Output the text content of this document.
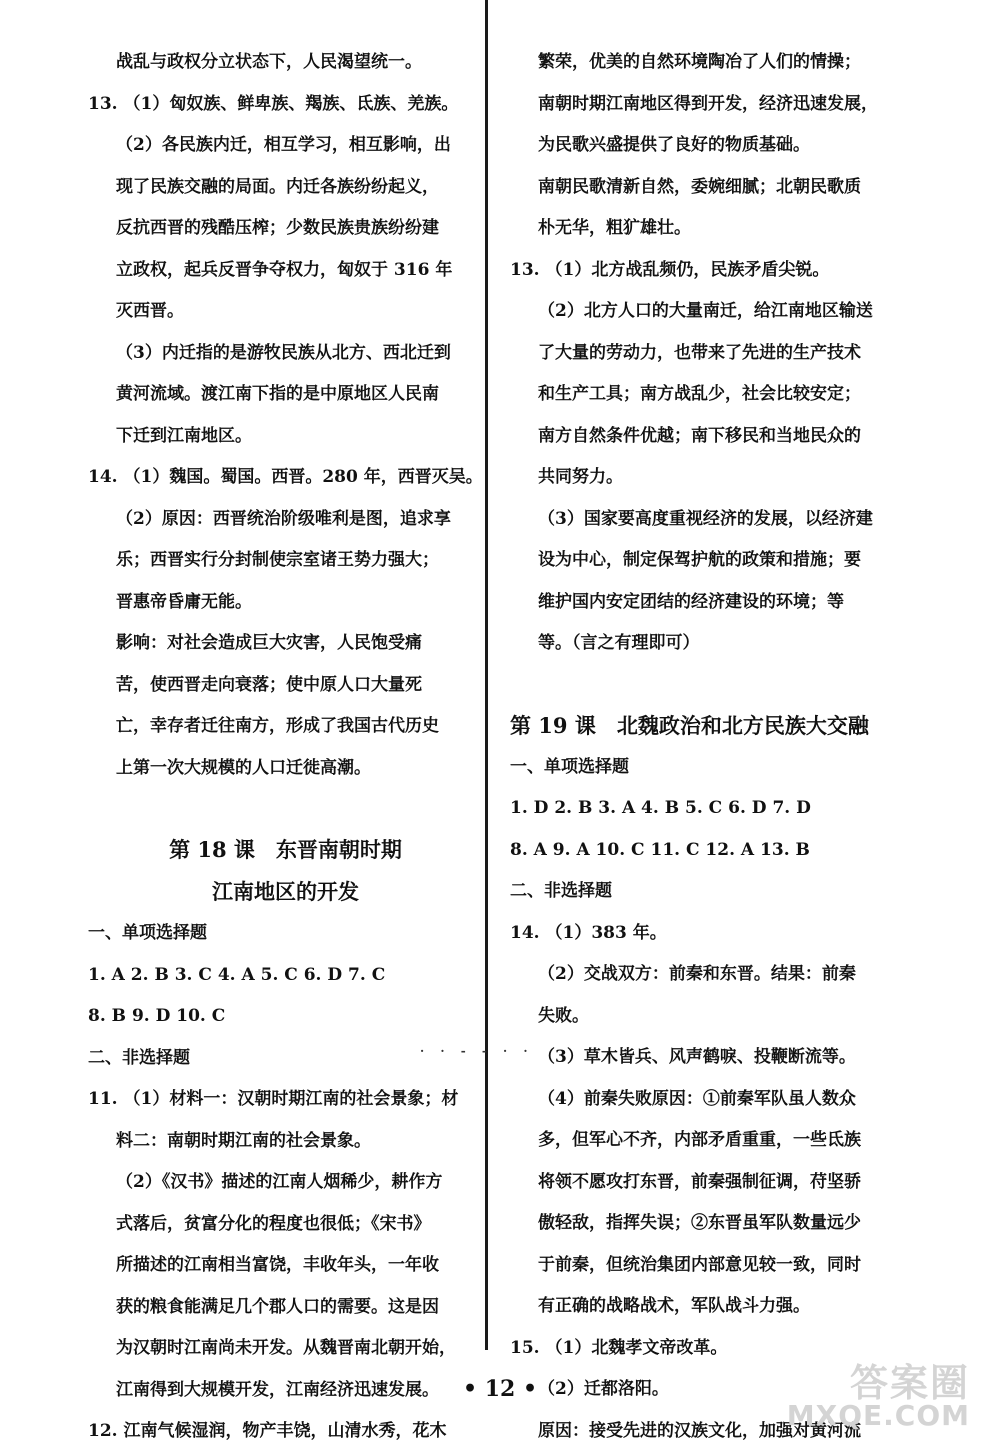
战乱与政权分立状态下，人民渴望统一。

13. （1）匈奴族、鲜卑族、羯族、氐族、羌族。

（2）各民族内迁，相互学习，相互影响，出

现了民族交融的局面。内迁各族纷纷起义，

反抗西晋的残酷压榨；少数民族贵族纷纷建

立政权，起兵反晋争夺权力，匈奴于 316 年

灭西晋。

（3）内迁指的是游牧民族从北方、西北迁到

黄河流域。渡江南下指的是中原地区人民南

下迁到江南地区。

14. （1）魏国。蜀国。西晋。280 年，西晋灭吴。

（2）原因：西晋统治阶级唯利是图，追求享

乐；西晋实行分封制使宗室诸王势力强大；

晋惠帝昏庸无能。

影响：对社会造成巨大灾害，人民饱受痛

苦，使西晋走向衰落；使中原人口大量死

亡，幸存者迁往南方，形成了我国古代历史

上第一次大规模的人口迁徙高潮。

第 18 课　东晋南朝时期

江南地区的开发

一、单项选择题

1. A 2. B 3. C 4. A 5. C 6. D 7. C

8. B 9. D 10. C

二、非选择题

11. （1）材料一：汉朝时期江南的社会景象；材

料二：南朝时期江南的社会景象。

（2）《汉书》描述的江南人烟稀少，耕作方

式落后，贫富分化的程度也很低；《宋书》

所描述的江南相当富饶，丰收年头，一年收

获的粮食能满足几个郡人口的需要。这是因

为汉朝时江南尚未开发。从魏晋南北朝开始，

江南得到大规模开发，江南经济迅速发展。

12. 江南气候湿润，物产丰饶，山清水秀，花木

繁荣，优美的自然环境陶冶了人们的情操；

南朝时期江南地区得到开发，经济迅速发展，

为民歌兴盛提供了良好的物质基础。

南朝民歌清新自然，委婉细腻；北朝民歌质

朴无华，粗犷雄壮。

13. （1）北方战乱频仍，民族矛盾尖锐。

（2）北方人口的大量南迁，给江南地区输送

了大量的劳动力，也带来了先进的生产技术

和生产工具；南方战乱少，社会比较安定；

南方自然条件优越；南下移民和当地民众的

共同努力。

（3）国家要高度重视经济的发展，以经济建

设为中心，制定保驾护航的政策和措施；要

维护国内安定团结的经济建设的环境；等

等。（言之有理即可）

第 19 课　北魏政治和北方民族大交融

一、单项选择题

1. D 2. B 3. A 4. B 5. C 6. D 7. D

8. A 9. A 10. C 11. C 12. A 13. B

二、非选择题

14. （1）383 年。

（2）交战双方：前秦和东晋。结果：前秦

失败。

（3）草木皆兵、风声鹤唳、投鞭断流等。

（4）前秦失败原因：①前秦军队虽人数众

多，但军心不齐，内部矛盾重重，一些氐族

将领不愿攻打东晋，前秦强制征调，苻坚骄

傲轻敌，指挥失误；②东晋虽军队数量远少

于前秦，但统治集团内部意见较一致，同时

有正确的战略战术，军队战斗力强。

15. （1）北魏孝文帝改革。

（2）迁都洛阳。

原因：接受先进的汉族文化，加强对黄河流

· · - - · ·
• 12 •	答案圈
MXQE.COM
